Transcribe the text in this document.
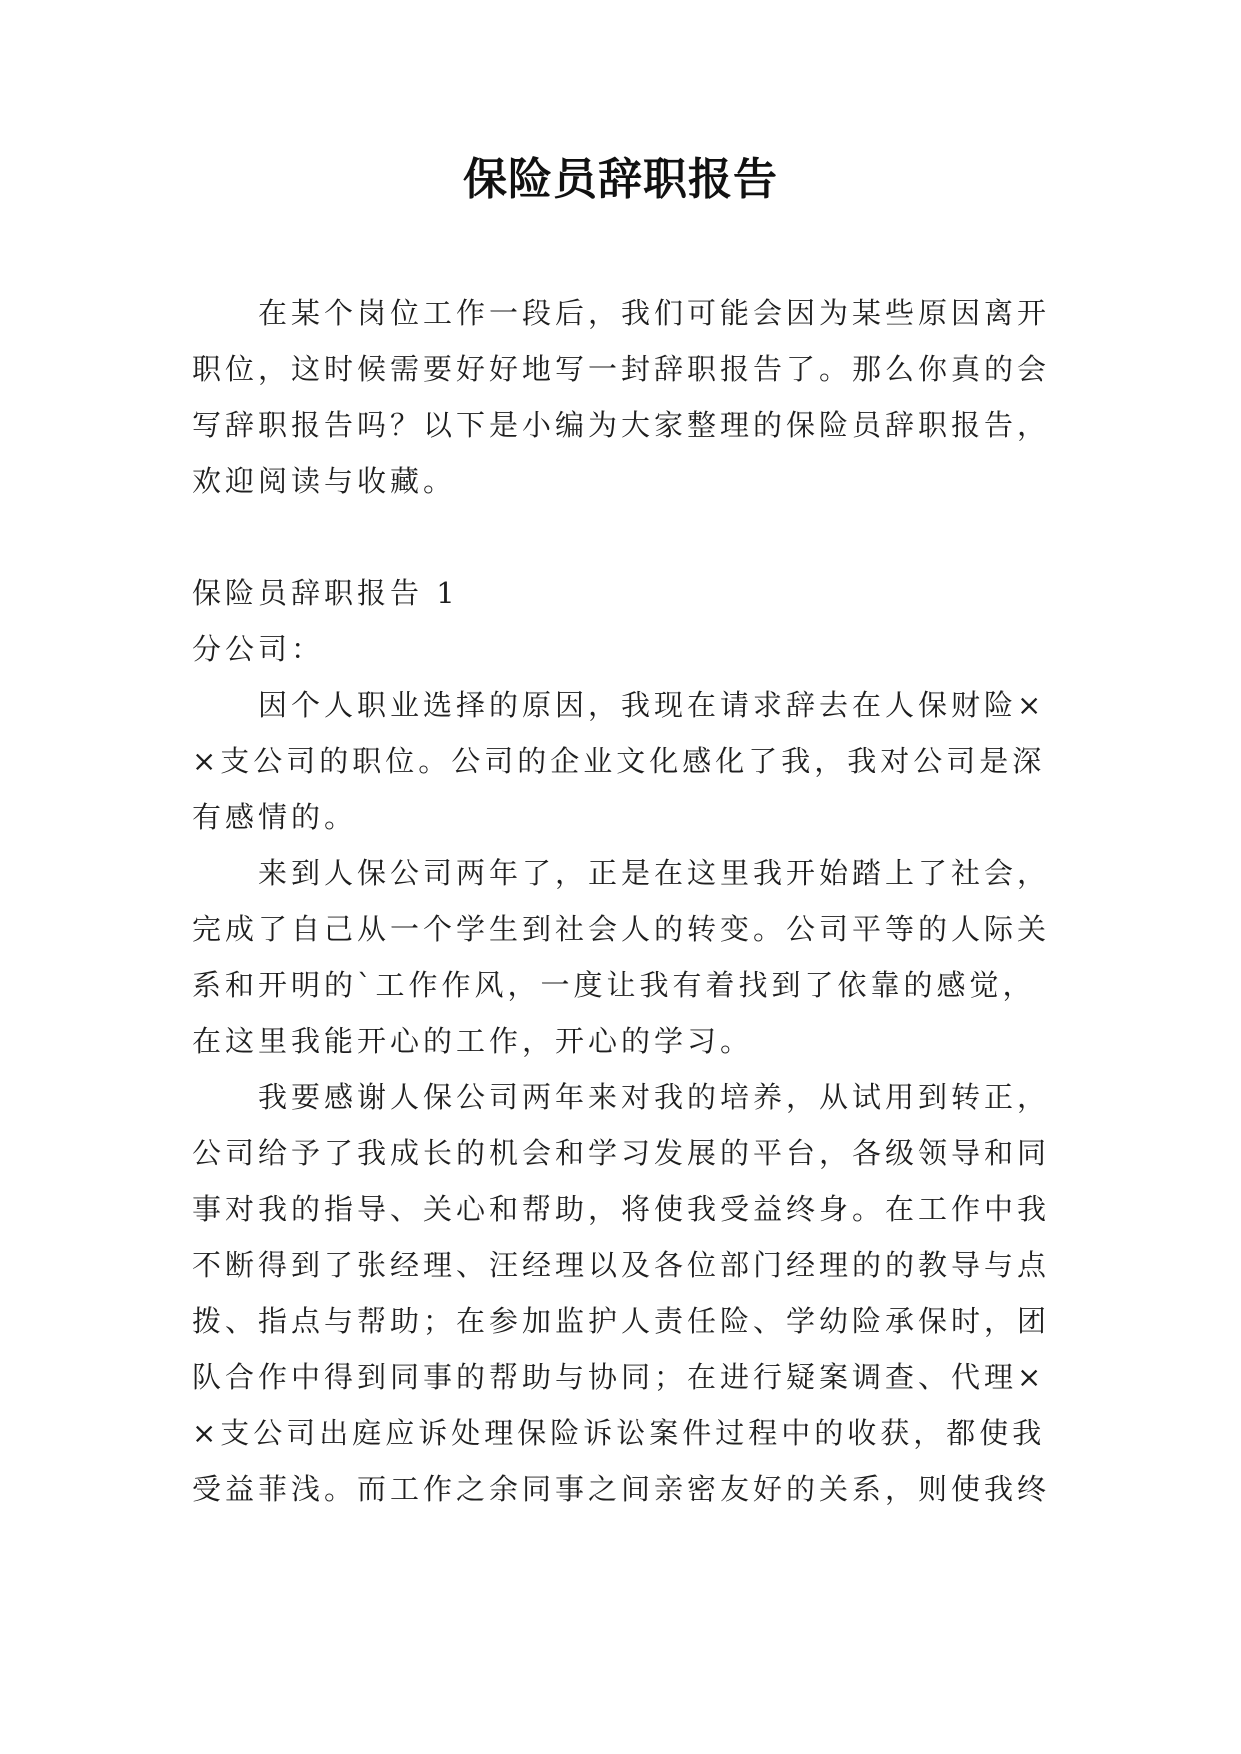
保险员辞职报告

在某个岗位工作一段后，我们可能会因为某些原因离开

职位，这时候需要好好地写一封辞职报告了。那么你真的会

写辞职报告吗？以下是小编为大家整理的保险员辞职报告，

欢迎阅读与收藏。

保险员辞职报告 1

分公司：

因个人职业选择的原因，我现在请求辞去在人保财险×

×支公司的职位。公司的企业文化感化了我，我对公司是深

有感情的。

来到人保公司两年了，正是在这里我开始踏上了社会，

完成了自己从一个学生到社会人的转变。公司平等的人际关

系和开明的`工作作风，一度让我有着找到了依靠的感觉，

在这里我能开心的工作，开心的学习。

我要感谢人保公司两年来对我的培养，从试用到转正，

公司给予了我成长的机会和学习发展的平台，各级领导和同

事对我的指导、关心和帮助，将使我受益终身。在工作中我

不断得到了张经理、汪经理以及各位部门经理的的教导与点

拨、指点与帮助；在参加监护人责任险、学幼险承保时，团

队合作中得到同事的帮助与协同；在进行疑案调查、代理×

×支公司出庭应诉处理保险诉讼案件过程中的收获，都使我

受益菲浅。而工作之余同事之间亲密友好的关系，则使我终
